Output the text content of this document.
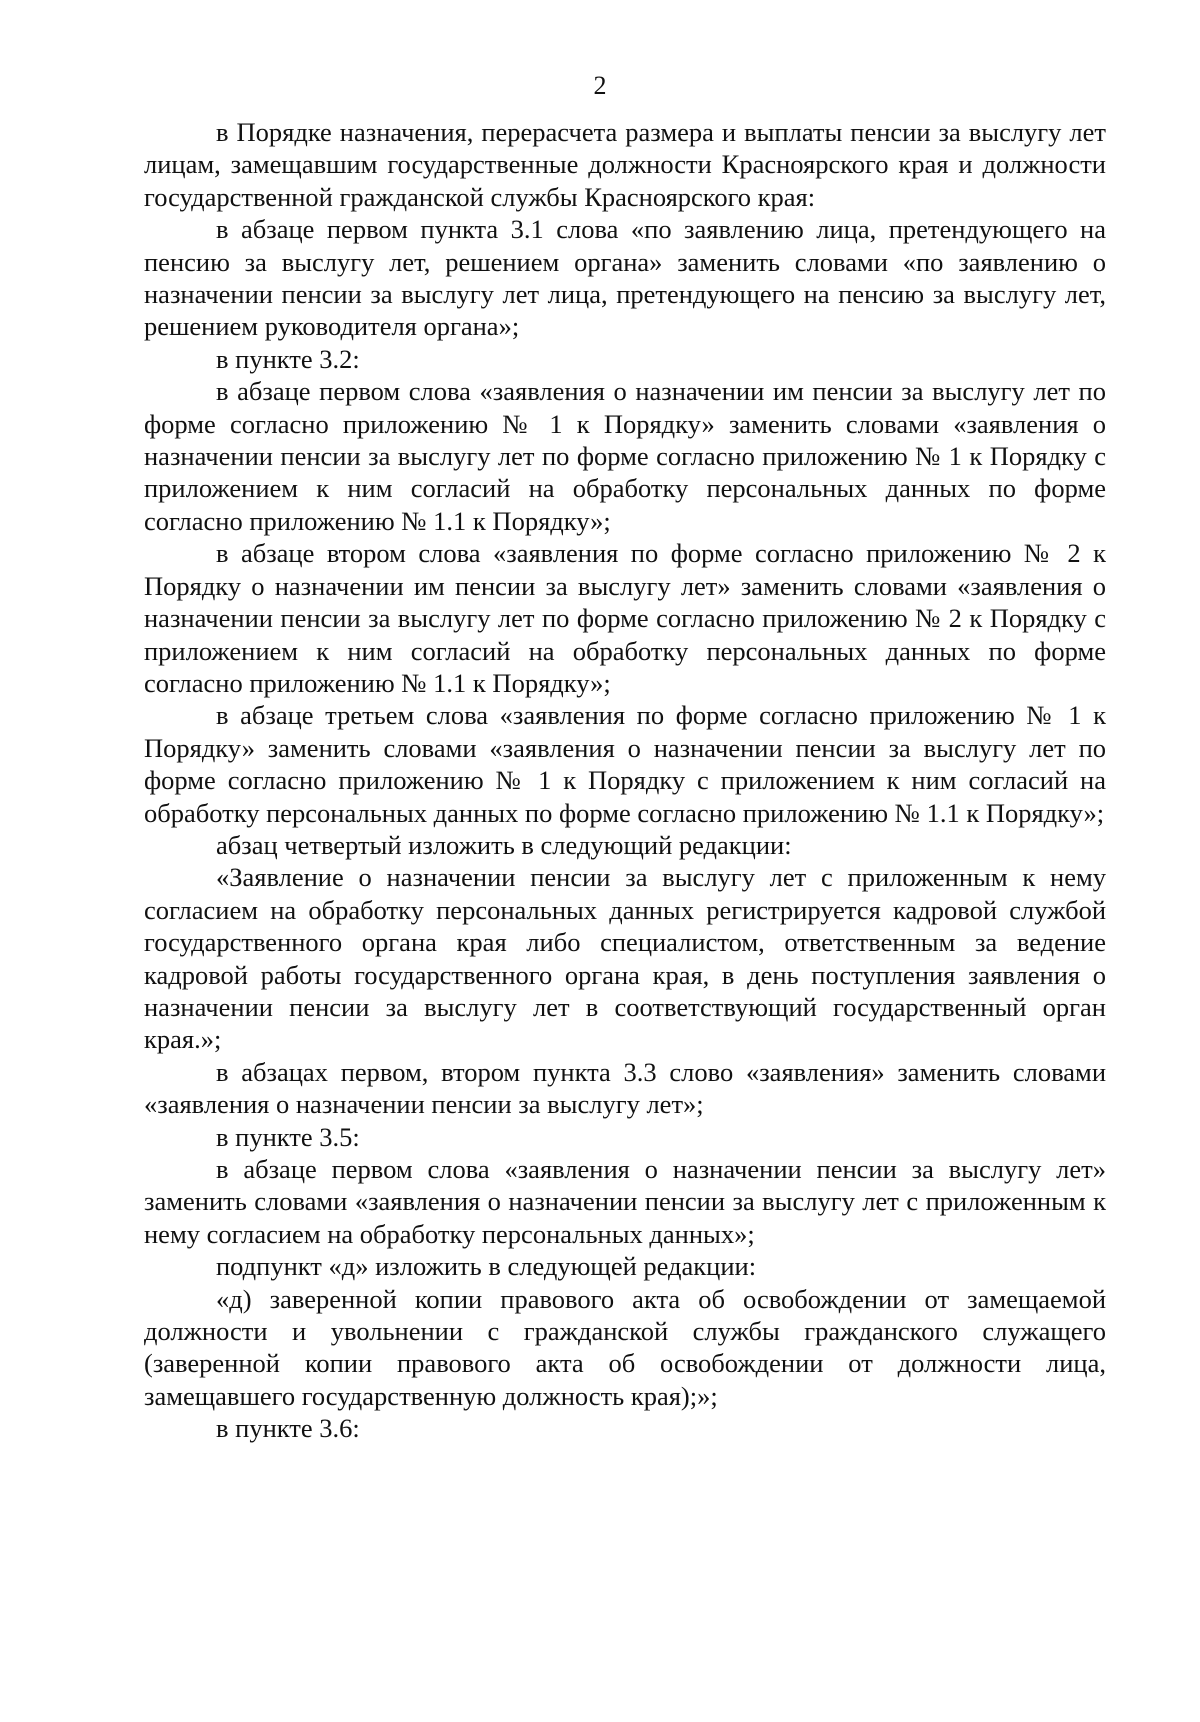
2

в Порядке назначения, перерасчета размера и выплаты пенсии за выслугу лет лицам, замещавшим государственные должности Красноярского края и должности государственной гражданской службы Красноярского края:

в абзаце первом пункта 3.1 слова «по заявлению лица, претендующего на пенсию за выслугу лет, решением органа» заменить словами «по заявлению о назначении пенсии за выслугу лет лица, претендующего на пенсию за выслугу лет, решением руководителя органа»;

в пункте 3.2:

в абзаце первом слова «заявления о назначении им пенсии за выслугу лет по форме согласно приложению № 1 к Порядку» заменить словами «заявления о назначении пенсии за выслугу лет по форме согласно приложению № 1 к Порядку с приложением к ним согласий на обработку персональных данных по форме согласно приложению № 1.1 к Порядку»;

в абзаце втором слова «заявления по форме согласно приложению № 2 к Порядку о назначении им пенсии за выслугу лет» заменить словами «заявления о назначении пенсии за выслугу лет по форме согласно приложению № 2 к Порядку с приложением к ним согласий на обработку персональных данных по форме согласно приложению № 1.1 к Порядку»;

в абзаце третьем слова «заявления по форме согласно приложению № 1 к Порядку» заменить словами «заявления о назначении пенсии за выслугу лет по форме согласно приложению № 1 к Порядку с приложением к ним согласий на обработку персональных данных по форме согласно приложению № 1.1 к Порядку»;

абзац четвертый изложить в следующий редакции:

«Заявление о назначении пенсии за выслугу лет с приложенным к нему согласием на обработку персональных данных регистрируется кадровой службой государственного органа края либо специалистом, ответственным за ведение кадровой работы государственного органа края, в день поступления заявления о назначении пенсии за выслугу лет в соответствующий государственный орган края.»;

в абзацах первом, втором пункта 3.3 слово «заявления» заменить словами «заявления о назначении пенсии за выслугу лет»;

в пункте 3.5:

в абзаце первом слова «заявления о назначении пенсии за выслугу лет» заменить словами «заявления о назначении пенсии за выслугу лет с приложенным к нему согласием на обработку персональных данных»;

подпункт «д» изложить в следующей редакции:

«д) заверенной копии правового акта об освобождении от замещаемой должности и увольнении с гражданской службы гражданского служащего (заверенной копии правового акта об освобождении от должности лица, замещавшего государственную должность края);»;

в пункте 3.6:
